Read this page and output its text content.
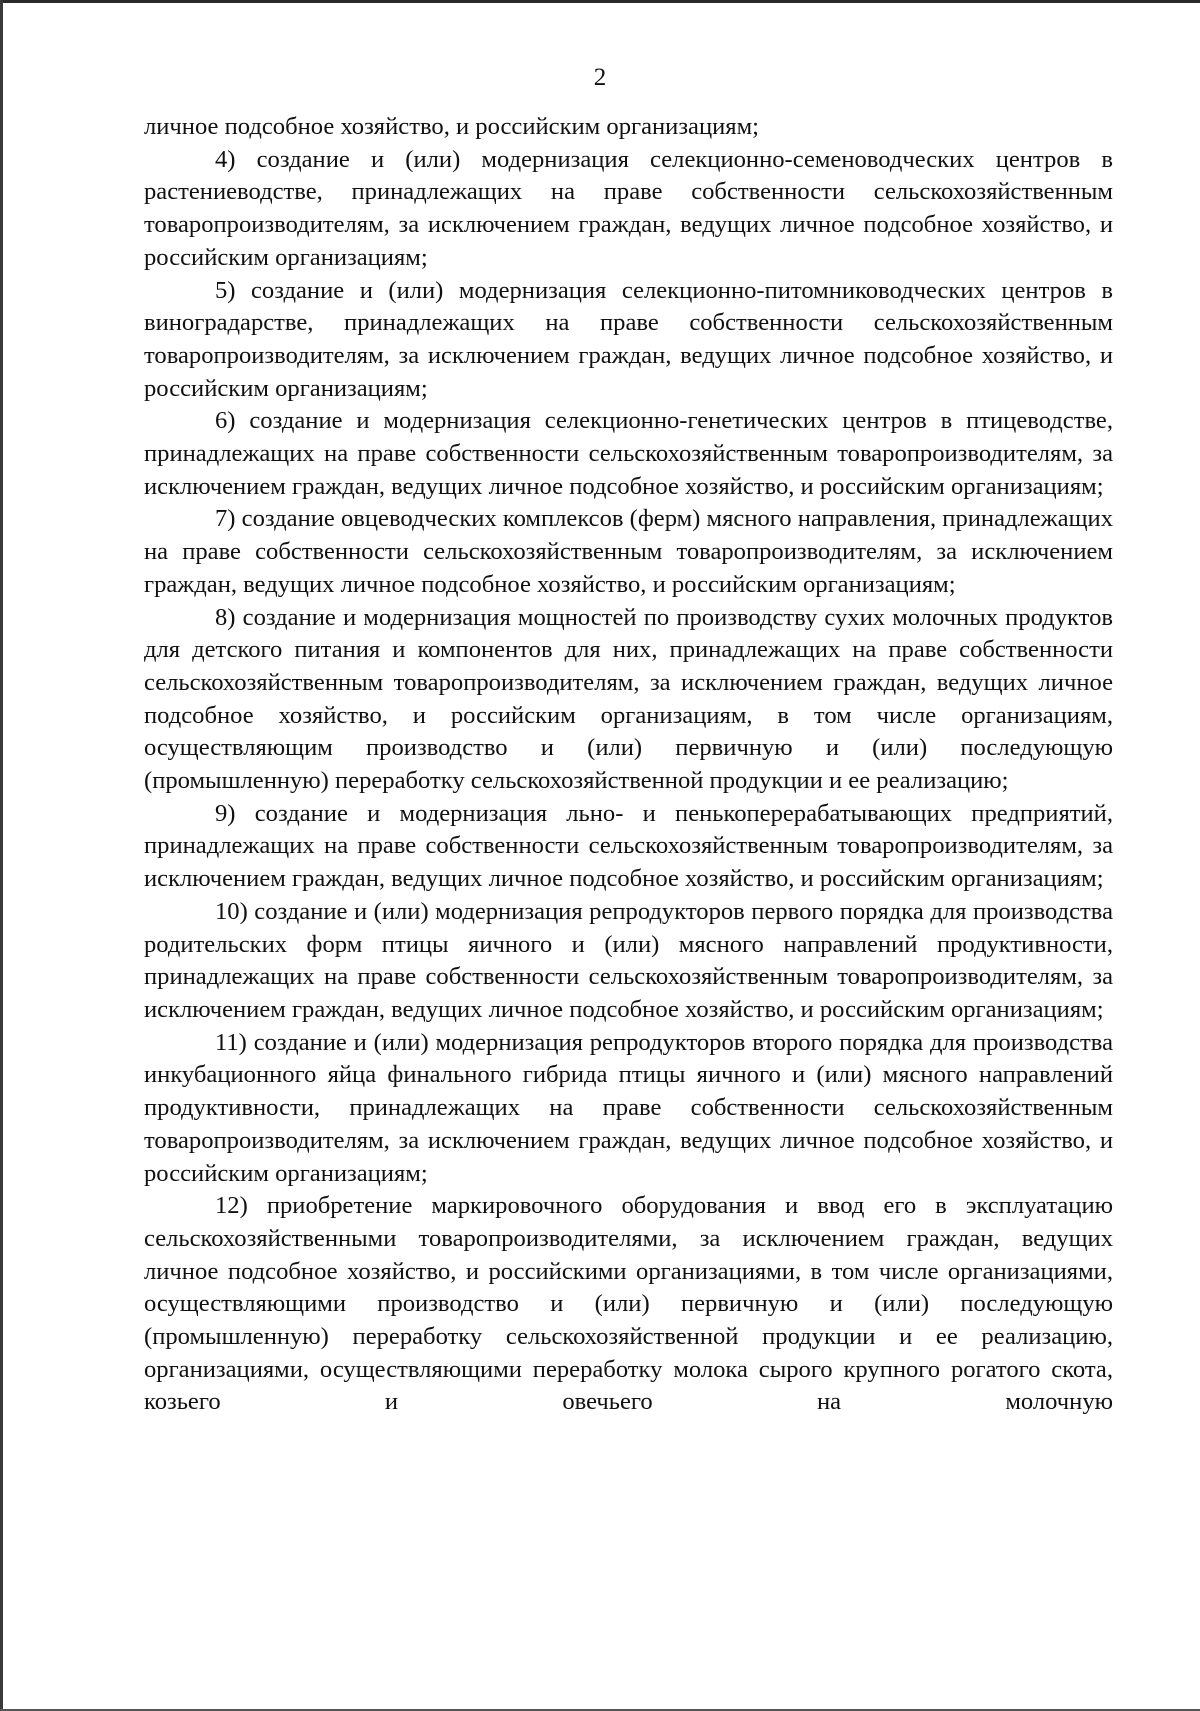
2

личное подсобное хозяйство, и российским организациям;

4) создание и (или) модернизация селекционно-семеноводческих центров в растениеводстве, принадлежащих на праве собственности сельскохозяйственным товаропроизводителям, за исключением граждан, ведущих личное подсобное хозяйство, и российским организациям;

5) создание и (или) модернизация селекционно-питомниководческих центров в виноградарстве, принадлежащих на праве собственности сельскохозяйственным товаропроизводителям, за исключением граждан, ведущих личное подсобное хозяйство, и российским организациям;

6) создание и модернизация селекционно-генетических центров в птицеводстве, принадлежащих на праве собственности сельскохозяйственным товаропроизводителям, за исключением граждан, ведущих личное подсобное хозяйство, и российским организациям;

7) создание овцеводческих комплексов (ферм) мясного направления, принадлежащих на праве собственности сельскохозяйственным товаропроизводителям, за исключением граждан, ведущих личное подсобное хозяйство, и российским организациям;

8) создание и модернизация мощностей по производству сухих молочных продуктов для детского питания и компонентов для них, принадлежащих на праве собственности сельскохозяйственным товаропроизводителям, за исключением граждан, ведущих личное подсобное хозяйство, и российским организациям, в том числе организациям, осуществляющим производство и (или) первичную и (или) последующую (промышленную) переработку сельскохозяйственной продукции и ее реализацию;

9) создание и модернизация льно- и пенькоперерабатывающих предприятий, принадлежащих на праве собственности сельскохозяйственным товаропроизводителям, за исключением граждан, ведущих личное подсобное хозяйство, и российским организациям;

10) создание и (или) модернизация репродукторов первого порядка для производства родительских форм птицы яичного и (или) мясного направлений продуктивности, принадлежащих на праве собственности сельскохозяйственным товаропроизводителям, за исключением граждан, ведущих личное подсобное хозяйство, и российским организациям;

11) создание и (или) модернизация репродукторов второго порядка для производства инкубационного яйца финального гибрида птицы яичного и (или) мясного направлений продуктивности, принадлежащих на праве собственности сельскохозяйственным товаропроизводителям, за исключением граждан, ведущих личное подсобное хозяйство, и российским организациям;

12) приобретение маркировочного оборудования и ввод его в эксплуатацию сельскохозяйственными товаропроизводителями, за исключением граждан, ведущих личное подсобное хозяйство, и российскими организациями, в том числе организациями, осуществляющими производство и (или) первичную и (или) последующую (промышленную) переработку сельскохозяйственной продукции и ее реализацию, организациями, осуществляющими переработку молока сырого крупного рогатого скота, козьего и овечьего на молочную
